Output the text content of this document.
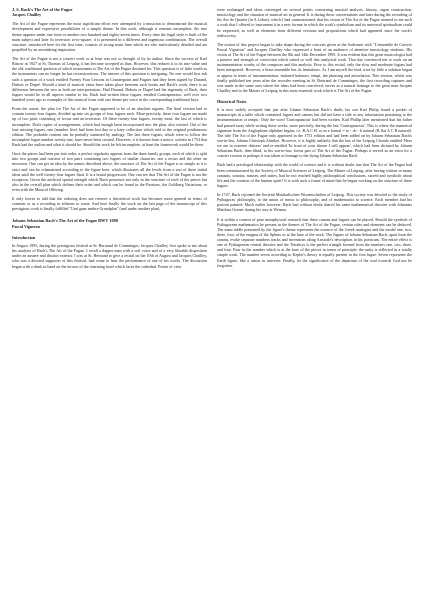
J. S. Bach's The Art of the Fugue
Jacques Chailley

The Art of the Fugue represents the most significant effort ever attempted by a musician to demonstrate the musical development and expressive possibilities of a simple theme. In this work, although it remains incomplete, the true theme appears under one form or another two hundred and eighty-seven times. Every time the fugal style is built of the main subject and later its inversion to-to-square, it is presented in a different and ingenious combination. The overall structure, introduced here for the first time, consists of strong main lines which are also meticulously detailed and are propelled by an astonishing inspiration.

The Art of the Fugue is not a concert work or at least was not so thought of by its author. Since the success of Karl Ristow in 1927 at St. Thomas of Leipzig, it has become accepted as thus. However, this reduces it to its true value and the old, traditional question of which instruments is The Art of the Fugue destined for. This question is of little worth as the instruments can no longer be but reconstructions. The answer of this question is intriguing. No one would first ask such a question of a work entitled Twenty Four Lessons in Counterpoint and Fugues had they been signed by Durand, Dubois or Dupré. Should a kind of musical value have taken place between such books and Bach's work, there is no difference between the two as both are interpretations. Had Durand, Dubois or Dupré had the ingenuity of Bach, their fugues would be in all aspects similar to his. Bach had written these fugues, entitled Contrapunctus, well over two hundred years ago as examples of this musical form with one theme per voice in the corresponding traditional keys.

From the outset, the plan for The Art of the Fugue appeared to be of an absolute rigueur. The final version had to contain twenty-four fugues, divided up into six groups of four fugues each. More precisely, these four fugues are made up of two pairs consisting of rectus and an inversion. Of these twenty-four fugues, twenty most, the last of which is incomplete. Draft copies of arrangements, which had enough been incorporated into the plan, also existed. Out of the four missing fugues, one (number five) had been lost due to a hazy collection which told to the original posthumous edition. The probable content can be partially surmised by analogy. The last three fugues, which were to follow the incomplete fugue number twenty-one, have never been created. However, it is known from a notice, written in 1754 that Bach had the outline and what it should be. Should the work be left incomplete, at least the framework would be there.

Once the pieces had been put into order, a perfect regularity appears from the three family groups, each of which is split into two groups and consists of two pairs containing two fugues of similar character, one a rectus and the other an inversion. One can get an idea by the names described above, the structure of The Art of the Fugue is so simple as it is strict and can be schematized according to the figure here, which illustrates all the levels from a sort of three initial ideas until the well twenty-four fugues final. It is a brutal progression. One can see that The Art of the Fugue is not the exception. Given the artificial spatial strength which Bach possesses not only in the structure of each of the pieces but also in the overall plan which defines their order and which can be found in the Passions, the Goldberg Variations, or even with the Musical Offering.

It only leaves to add that the ordering does not remove a theoretical work but becomes more general in terms of contents or as a recording in editions to come. And here finally the work on the last page of the manuscript of this prestigious work is finally fulfilled "Und ganz andere Grundplan" (and under another plan).

Johann Sebastian Bach's The Art of the Fugue BWV 1080
Pascal Vigneron
Introduction

In August 1995, during the prestigious festival at St. Bertrand de Comminges, Jacques Chailley first spoke to me about his analysis of Bach's The Art of the Fugue. I recall a dapper man with a soft voice and of a very likeable disposition under an austere and distinct exterior. I was at St. Bertrand to give a recital on the 19th of August and Jacques Chailley, who was a devoted supporter of this festival, had come to hear the performance of one of his works. The discussion began with a drink in hand on the terrace of the charming hotel which faces the cathedral. Points of view

were exchanged and ideas converged on several points concerning musical analysis, history, organ construction, musicology and the situation of musical art in general. It is during these conversations and later during the recording of his Ave de Quartet (in A Lebus), which I had commissioned, that his vision of The Art of the Fugue seemed to me such a work that I offered to instrument it in a new format in which the work's symbolism and its universal spiritualism could be expressed, as well as elements from different versions and propositions which had appeared since the work's rediscovery.

The notion of this project began to take shape during the concerts given at the Sorbonne with "L'ensemble de Cuivres Pascal Vigneron" and Jacques Chailley who expressed a front of an audience of attentive musicology students. His vision of The Art of the Fugue between the 8th and 14th December 1995. It was evident that this great musicologist had a passive and strength of conviction which suited so well this analytical work. That day convinced me to work on an instrumentation worthy of the composer and this analysis. Prior to this recital, only the slow and moderate fugues had been interpreted. However, a brass ensemble has its limitations. As I am myself the lead, trios by little a solution began to appear in terms of instrumentation, imitated balances, tempi, the phrasing and articulation. This version, which was finally published ten years after the recorder meeting in St. Bertrand de Comminges, the first recording captures and was made in the same area where the ideas had been conceived, serves as a natural homage to the great man Jacques Chailley and to the Master of Leipzig in this most essential work which is The Art of the Fugue.

Historical Notes

It is now widely accepted that just after Johann Sebastian Bach's death, his son Karl Philip found a packet of manuscripts in a table which contained fugues and canons but did not have a title or any information pertaining to the instrumentation or tempo. Only the word 'Contrapunctus' had been written. Karl Phillip later mentioned that his father had passed away while writing these works, more precisely, during the last 'Contrapunctus'. This is where the numerical signature from the Anglophone alphabet begins, i.e. B.A.C.H. or in a formal = to - ch - b natural (B flat A C B natural). The title The Art of the Fugue only appeared in the 1751 edition and had been added on by Johann Sebastian Bach's son-in-law, Johann Christoph Altnikol. However, it is highly unlikely that the last of the Leipzig Chorale entitled 'Here we are in extreme distress' and re-entitled 'In front of your throne I will appear', which had been dictated by Johann Sebastian Bach, then blind, to his son-in-law, forms part of The Art of the Fugue. Perhaps it served as an extra for a concert version or perhaps it was taken as homage to the dying Johann Sebastian Bach.

Bach had a privileged relationship with the world of science and it is without doubt true that The Art of the Fugue had been commissioned by the Society of Musical Sciences of Leipzig. The Master of Leipzig, after having written so many cantatas, sonatas, masses, and suites, had he not reached highly philosophical conclusions, sacred and symbolic about life and the creation of the human spirit? It is with such a frame of mind that he began working on the structure of these fugues.

In 1747, Bach rejoined the Societät Musikalischen Wissenschaften of Leipzig. This society was devoted to the study of Pythagoras' philosophy, to the union of music to philosophy, and of mathematics to science. Each member had his portrait painted. Much earlier however, Bach had without doubt shared his same mathematical theories with Johannes Matthias Gesner during his stay at Weimar.

It is within a context of pure metaphysical research that these canons and fugues can be placed. Should the symbols of Pythagorean mathematics be present in the themes of The Art of the Fugue, certain rules and elements can be deduced. The main riddle presented by the figure's theme represents the essence of the Greek analogies and the model one, two, three, four, of the enigma of the Sphinx as at the base of the work. The fugues of Johann Sebastian Bach, apart from the canons, evoke separate numbers tracks and inventions along Aristotle's description in his poeticum. The entire effect is one of Pythagorean central theories and the Tetraktys is the perfect triangle formed from the numbers one, two, three, and four. Four in the number which is at the base of the pieces in terms of principle; the unity is reflected in a totally simple work. The number seven according to Kepler's theory is equally present in the first fugue. Seven represents the Earth figure, like a canon in universe. Finally, let the significance of the departure of the soul towards God not be forgotten.
